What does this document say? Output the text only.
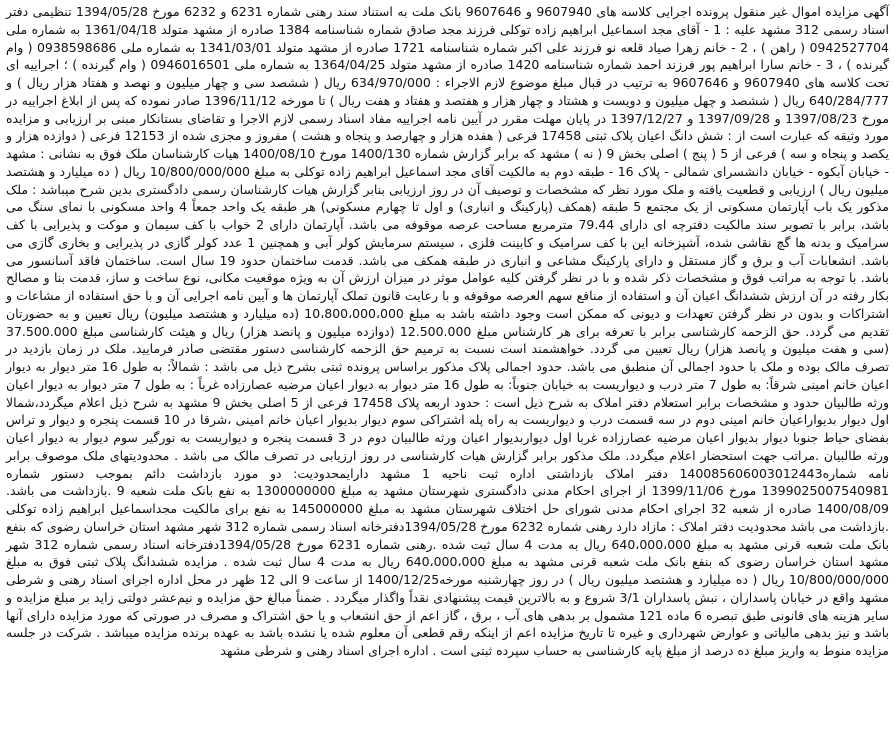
آگهی مزایده اموال غیر منقول پرونده اجرایی کلاسه های 9607940 و 9607646 بانک ملت به استناد سند رهنی شماره 6231 و 6232 مورخ 1394/05/28 تنظیمی دفتر اسناد رسمی 312 مشهد علیه : 1 - آقای مجد اسماعیل ابراهیم زاده توکلی فرزند مجد صادق شماره شناسنامه 1384 صادره از مشهد متولد 1361/04/18 به شماره ملی 0942527704 ( راهن ) ، 2 - خانم زهرا صیاد قلعه نو فرزند علی اکبر شماره شناسنامه 1721 صادره از مشهد متولد 1341/03/01 به شماره ملی 0938598686 ( وام گیرنده ) ، 3 - خانم سارا ابراهیم پور فرزند احمد شماره شناسنامه 1420 صادره از مشهد متولد 1364/04/25 به شماره ملی 0946016501 ( وام گیرنده ) ؛ اجراییه ای تحت کلاسه های 9607940 و 9607646 به ترتیب در قبال مبلغ موضوع لازم الاجراء : 634/970/000 ریال ( ششصد سی و چهار میلیون و نهصد و هفتاد هزار ریال ) و 640/284/777 ریال ( ششصد و چهل میلیون و دویست و هشتاد و چهار هزار و هفتصد و هفتاد و هفت ریال ) تا مورخه 1396/11/12 صادر نموده که پس از ابلاغ اجراییه در مورخ 1397/08/23 و 1397/09/28 و 1397/12/27 در پایان مهلت مقرر در آیین نامه اجراییه مفاد اسناد رسمی لازم الاجرا و تقاضای بستانکار مبنی بر ارزیابی و مزایده مورد وثیقه که عبارت است از : شش دانگ اعیان پلاک ثبتی 17458 فرعی ( هفده هزار و چهارصد و پنجاه و هشت ) مفروز و مجزی شده از 12153 فرعی ( دوازده هزار و یکصد و پنجاه و سه ) فرعی از 5 ( پنج ) اصلی بخش 9 ( نه ) مشهد که برابر گزارش شماره 1400/130 مورخ 1400/08/10 هیات کارشناسان ملک فوق به نشانی : مشهد - خیابان آبکوه - خیابان دانشسرای شمالی - پلاک 16 - طبقه دوم به مالکیت آقای مجد اسماعیل ابراهیم زاده توکلی به مبلغ 10/800/000/000 ریال ( ده میلیارد و هشتصد میلیون ریال ) ارزیابی و قطعیت یافته و ملک مورد نظر که مشخصات و توصیف آن در روز ارزیابی بنابر گزارش هیات کارشناسان رسمی دادگستری بدین شرح میباشد : ملک مذکور یک باب آپارتمان مسکونی از یک مجتمع 5 طبقه (همکف (پارکینگ و انباری) و اول تا چهارم مسکونی) هر طبقه یک واحد جمعاً 4 واحد مسکونی با نمای سنگ می باشد، برابر با تصویر سند مالکیت دفترچه ای دارای 79.44 مترمربع مساحت عرصه موقوفه می باشد. آپارتمان دارای 2 خواب با کف سیمان و موکت و پذیرایی با کف سرامیک و بدنه ها گچ نقاشی شده، آشپزخانه این با کف سرامیک و کابینت فلزی ، سیستم سرمایش کولر آبی و همچنین 1 عدد کولر گازی در پذیرایی و بخاری گازی می باشد. انشعابات آب و برق و گاز مستقل و دارای پارکینگ مشاعی و انباری در طبقه همکف می باشد. قدمت ساختمان حدود 19 سال است. ساختمان فاقد آسانسور می باشد. با توجه به مراتب فوق و مشخصات ذکر شده و با در نظر گرفتن کلیه عوامل موثر در میزان ارزش آن به ویژه موقعیت مکانی، نوع ساخت و ساز، قدمت بنا و مصالح بکار رفته در آن ارزش ششدانگ اعیان آن و استفاده از منافع سهم العرصه موقوفه و با رعایت قانون تملک آپارتمان ها و آیین نامه اجرایی آن و با حق استفاده از مشاعات و اشتراکات و بدون در نظر گرفتن تعهدات و دیونی که ممکن است وجود داشته باشد به مبلغ 10،800،000،000 (ده میلیارد و هشتصد میلیون) ریال تعیین و به حضورتان تقدیم می گردد. حق الزحمه کارشناسی برابر با تعرفه برای هر کارشناس مبلغ 12.500.000 (دوازده میلیون و پانصد هزار) ریال و هیئت کارشناسی مبلغ 37.500.000 (سی و هفت میلیون و پانصد هزار) ریال تعیین می گردد. خواهشمند است نسبت به ترمیم حق الزحمه کارشناسی دستور مقتضی صادر فرمایید. ملک در زمان بازدید در تصرف مالک بوده و ملک با حدود اجمالی آن منطبق می باشد. حدود اجمالی پلاک مذکور براساس پرونده ثبتی بشرح ذیل می باشد : شمالاً: به طول 16 متر دیوار به دیوار اعیان خانم امینی شرقاً: به طول 7 متر درب و دیواریست به خیابان جنوباً: به طول 16 متر دیوار به دیوار اعیان مرضیه عصارزاده غرباً : به طول 7 متر دیوار به دیوار اعیان ورثه طالبیان حدود و مشخصات برابر استعلام دفتر املاک به شرح ذیل است : حدود اربعه پلاک 17458 فرعی از 5 اصلی بخش 9 مشهد به شرح ذیل اعلام میگردد،شمالا اول دیوار بدیواراعیان خانم امینی دوم در سه قسمت درب و دیواریست به راه پله اشتراکی سوم دیوار بدیوار اعیان خانم امینی ،شرقا در 10 قسمت پنجره و دیوار و تراس بفضای حیاط جنوبا دیوار بدیوار اعیان مرضیه عصارزاده غربا اول دیواربدیوار اعیان ورثه طالبیان دوم در 3 قسمت پنجره و دیواریست به نورگیر سوم دیوار به دیوار اعیان ورثه طالبیان .مراتب جهت استحضار اعلام میگردد. ملک مذکور برابر گزارش هیات کارشناسی در روز ارزیابی در تصرف مالک می باشد . محدودیتهای ملک موصوف برابر نامه شماره140085606003012443 دفتر املاک بازداشتی اداره ثبت ناحیه 1 مشهد دارایمحدودیت: دو مورد بازداشت دائم بموجب دستور شماره 1399025007540981 مورخ 1399/11/06 از اجرای احکام مدنی دادگستری شهرستان مشهد به مبلغ 1300000000 به نفع بانک ملت شعبه 9 .بازداشت می باشد. 1400/08/09 صادره از شعبه 32 اجرای احکام مدنی شورای حل اختلاف شهرستان مشهد به مبلغ 145000000 به نفع برای مالکیت مجداسماعیل ابراهیم زاده توکلی .بازداشت می باشد محدودیت دفتر املاک : مازاد دارد رهنی شماره 6232 مورخ 1394/05/28دفترخانه اسناد رسمی شماره 312 شهر مشهد استان خراسان رضوی که بنفع بانک ملت شعبه قرنی مشهد به مبلغ 640،000،000 ریال به مدت 4 سال ثبت شده .رهنی شماره 6231 مورخ 1394/05/28دفترخانه اسناد رسمی شماره 312 شهر مشهد استان خراسان رضوی که بنفع بانک ملت شعبه قرنی مشهد به مبلغ 640،000،000 ریال به مدت 4 سال ثبت شده . مزایده ششدانگ پلاک ثبتی فوق به مبلغ 10/800/000/000 ریال ( ده میلیارد و هشتصد میلیون ریال ) در روز چهارشنبه مورخه1400/12/25 از ساعت 9 الی 12 ظهر در محل اداره اجرای اسناد رهنی و شرطی مشهد واقع در خیابان پاسداران ، نبش پاسداران 3/1 شروع و به بالاترین قیمت پیشنهادی نقداً واگذار میگردد . ضمناً مبالغ حق مزایده و نیم‌عشر دولتی زاید بر مبلغ مزایده و سایر هزینه های قانونی طبق تبصره 6 ماده 121 مشمول بر بدهی های آب ، برق ، گاز اعم از حق انشعاب و یا حق اشتراک و مصرف در صورتی که مورد مزایده دارای آنها باشد و نیز بدهی مالیاتی و عوارض شهرداری و غیره تا تاریخ مزایده اعم از اینکه رقم قطعی آن معلوم شده یا نشده باشد به عهده برنده مزایده میباشد . شرکت در جلسه مزایده منوط به واریز مبلغ ده درصد از مبلغ پایه کارشناسی به حساب سپرده ثبتی است . اداره اجرای اسناد رهنی و شرطی مشهد
